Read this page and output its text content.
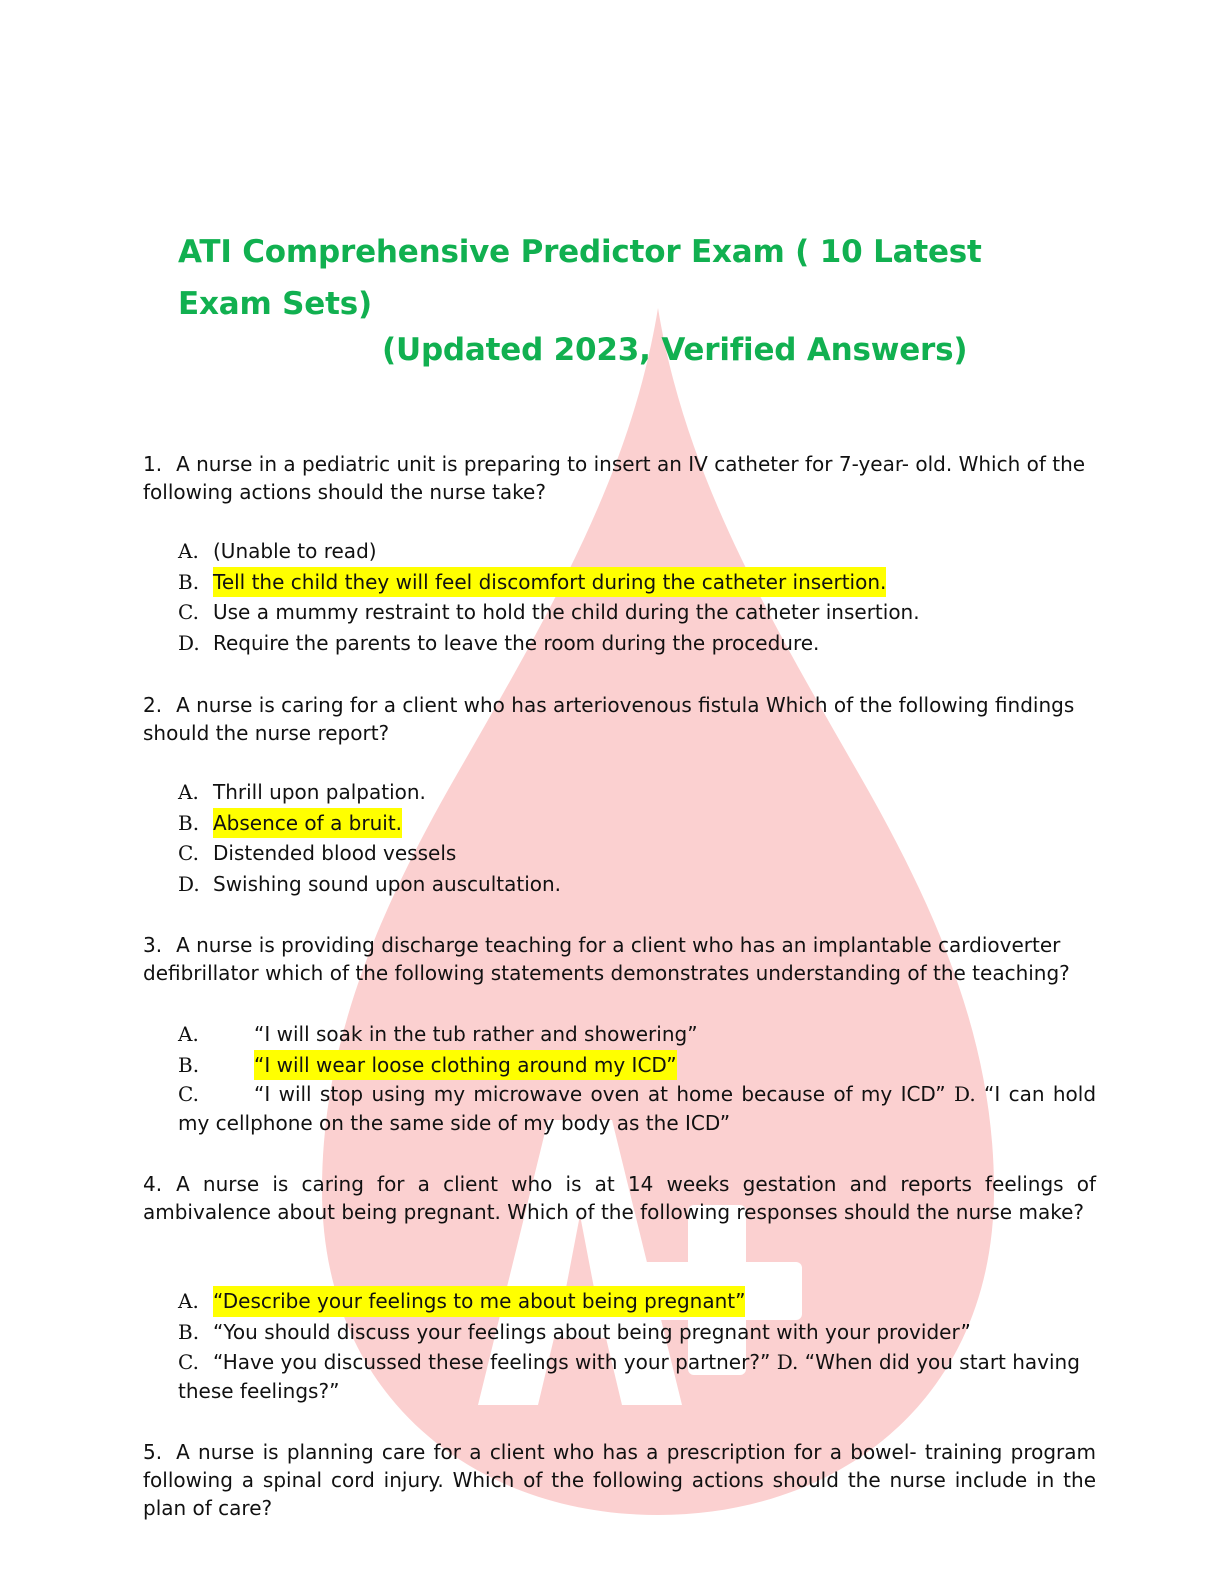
ATI Comprehensive Predictor Exam ( 10 Latest Exam Sets)
(Updated 2023, Verified Answers)

1. A nurse in a pediatric unit is preparing to insert an IV catheter for 7-year- old. Which of the following actions should the nurse take?

A. (Unable to read)
B. Tell the child they will feel discomfort during the catheter insertion.
C. Use a mummy restraint to hold the child during the catheter insertion.
D. Require the parents to leave the room during the procedure.

2. A nurse is caring for a client who has arteriovenous fistula Which of the following findings should the nurse report?

A. Thrill upon palpation.
B. Absence of a bruit.
C. Distended blood vessels
D. Swishing sound upon auscultation.

3. A nurse is providing discharge teaching for a client who has an implantable cardioverter defibrillator which of the following statements demonstrates understanding of the teaching?

A.	“I will soak in the tub rather and showering”
B.	“I will wear loose clothing around my ICD”

C.	“I will stop using my microwave oven at home because of my ICD” D. “I can hold my cellphone on the same side of my body as the ICD”

4. A nurse is caring for a client who is at 14 weeks gestation and reports feelings of ambivalence about being pregnant. Which of the following responses should the nurse make?

A. “Describe your feelings to me about being pregnant”
B. “You should discuss your feelings about being pregnant with your provider”
C. “Have you discussed these feelings with your partner?” D. “When did you start having these feelings?”

5. A nurse is planning care for a client who has a prescription for a bowel- training program following a spinal cord injury. Which of the following actions should the nurse include in the plan of care?
